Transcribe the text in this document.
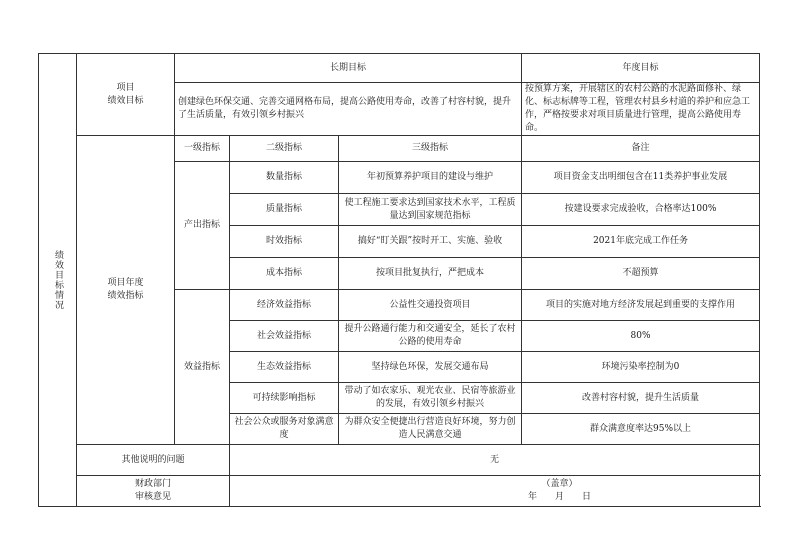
绩效目标情况	项目
绩效目标	长期目标			年度目标
		创建绿色环保交通、完善交通网格布局，提高公路使用寿命，改善了村容村貌，提升了生活质量，有效引领乡村振兴			按预算方案，开展辖区的农村公路的水泥路面修补、绿化、标志标牌等工程，管理农村县乡村道的养护和应急工作，严格按要求对项目质量进行管理，提高公路使用寿命。
	项目年度
绩效指标	一级指标	二级指标	三级指标	备注
		产出指标	数量指标	年初预算养护项目的建设与维护	项目资金支出明细包含在11类养护事业发展
			质量指标	使工程施工要求达到国家技术水平，工程质量达到国家规范指标	按建设要求完成验收，合格率达100%
			时效指标	搞好“盯关跟”按时开工、实施、验收	2021年底完成工作任务
			成本指标	按项目批复执行，严把成本	不超预算
		效益指标	经济效益指标	公益性交通投资项目	项目的实施对地方经济发展起到重要的支撑作用
			社会效益指标	提升公路通行能力和交通安全，延长了农村公路的使用寿命	80%
			生态效益指标	坚持绿色环保，发展交通布局	环境污染率控制为0
			可持续影响指标	带动了如农家乐、观光农业、民宿等旅游业的发展，有效引领乡村振兴	改善村容村貌，提升生活质量
			社会公众或服务对象满意度	为群众安全便捷出行营造良好环境，努力创造人民满意交通	群众满意度率达95%以上
	其他说明的问题		无		
	财政部门
审核意见		（盖章）
年　　月　　日		
